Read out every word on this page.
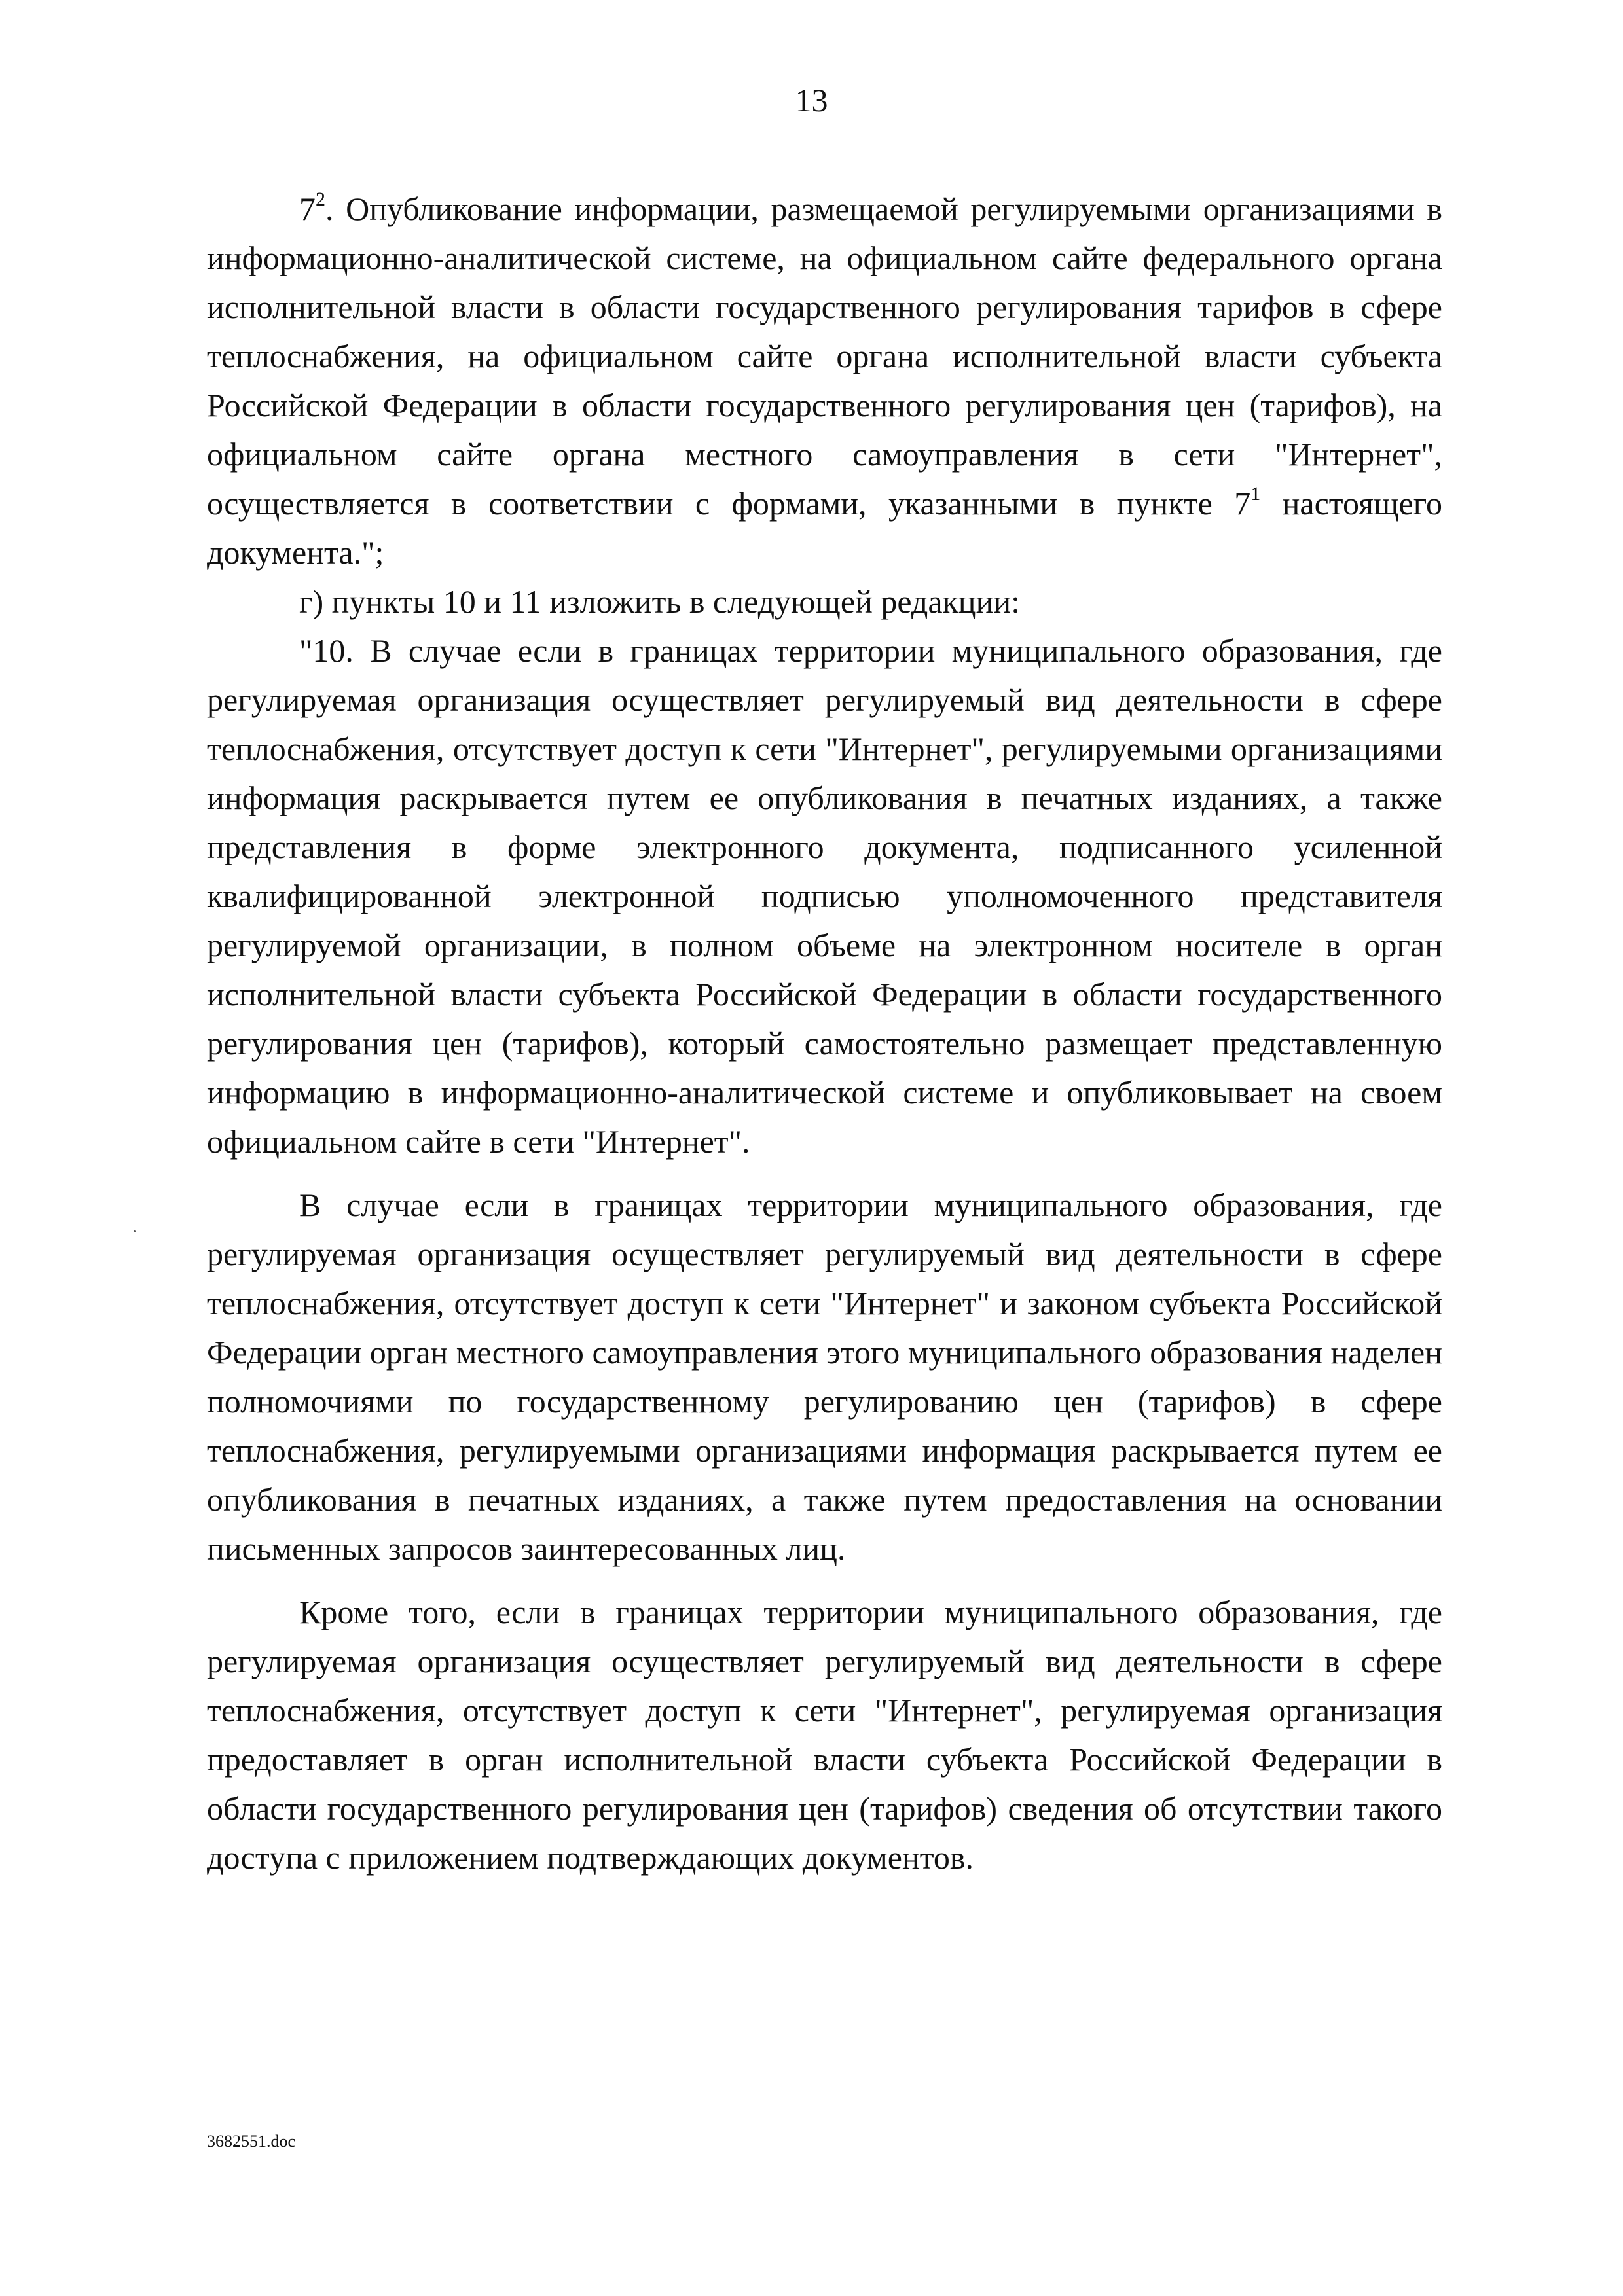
13

$7^2$. Опубликование информации, размещаемой регулируемыми организациями в информационно-аналитической системе, на официальном сайте федерального органа исполнительной власти в области государственного регулирования тарифов в сфере теплоснабжения, на официальном сайте органа исполнительной власти субъекта Российской Федерации в области государственного регулирования цен (тарифов), на официальном сайте органа местного самоуправления в сети "Интернет", осуществляется в соответствии с формами, указанными в пункте $7^1$ настоящего документа.";

г) пункты 10 и 11 изложить в следующей редакции:

"10. В случае если в границах территории муниципального образования, где регулируемая организация осуществляет регулируемый вид деятельности в сфере теплоснабжения, отсутствует доступ к сети "Интернет", регулируемыми организациями информация раскрывается путем ее опубликования в печатных изданиях, а также представления в форме электронного документа, подписанного усиленной квалифицированной электронной подписью уполномоченного представителя регулируемой организации, в полном объеме на электронном носителе в орган исполнительной власти субъекта Российской Федерации в области государственного регулирования цен (тарифов), который самостоятельно размещает представленную информацию в информационно-аналитической системе и опубликовывает на своем официальном сайте в сети "Интернет".

В случае если в границах территории муниципального образования, где регулируемая организация осуществляет регулируемый вид деятельности в сфере теплоснабжения, отсутствует доступ к сети "Интернет" и законом субъекта Российской Федерации орган местного самоуправления этого муниципального образования наделен полномочиями по государственному регулированию цен (тарифов) в сфере теплоснабжения, регулируемыми организациями информация раскрывается путем ее опубликования в печатных изданиях, а также путем предоставления на основании письменных запросов заинтересованных лиц.

Кроме того, если в границах территории муниципального образования, где регулируемая организация осуществляет регулируемый вид деятельности в сфере теплоснабжения, отсутствует доступ к сети "Интернет", регулируемая организация предоставляет в орган исполнительной власти субъекта Российской Федерации в области государственного регулирования цен (тарифов) сведения об отсутствии такого доступа с приложением подтверждающих документов.

3682551.doc
